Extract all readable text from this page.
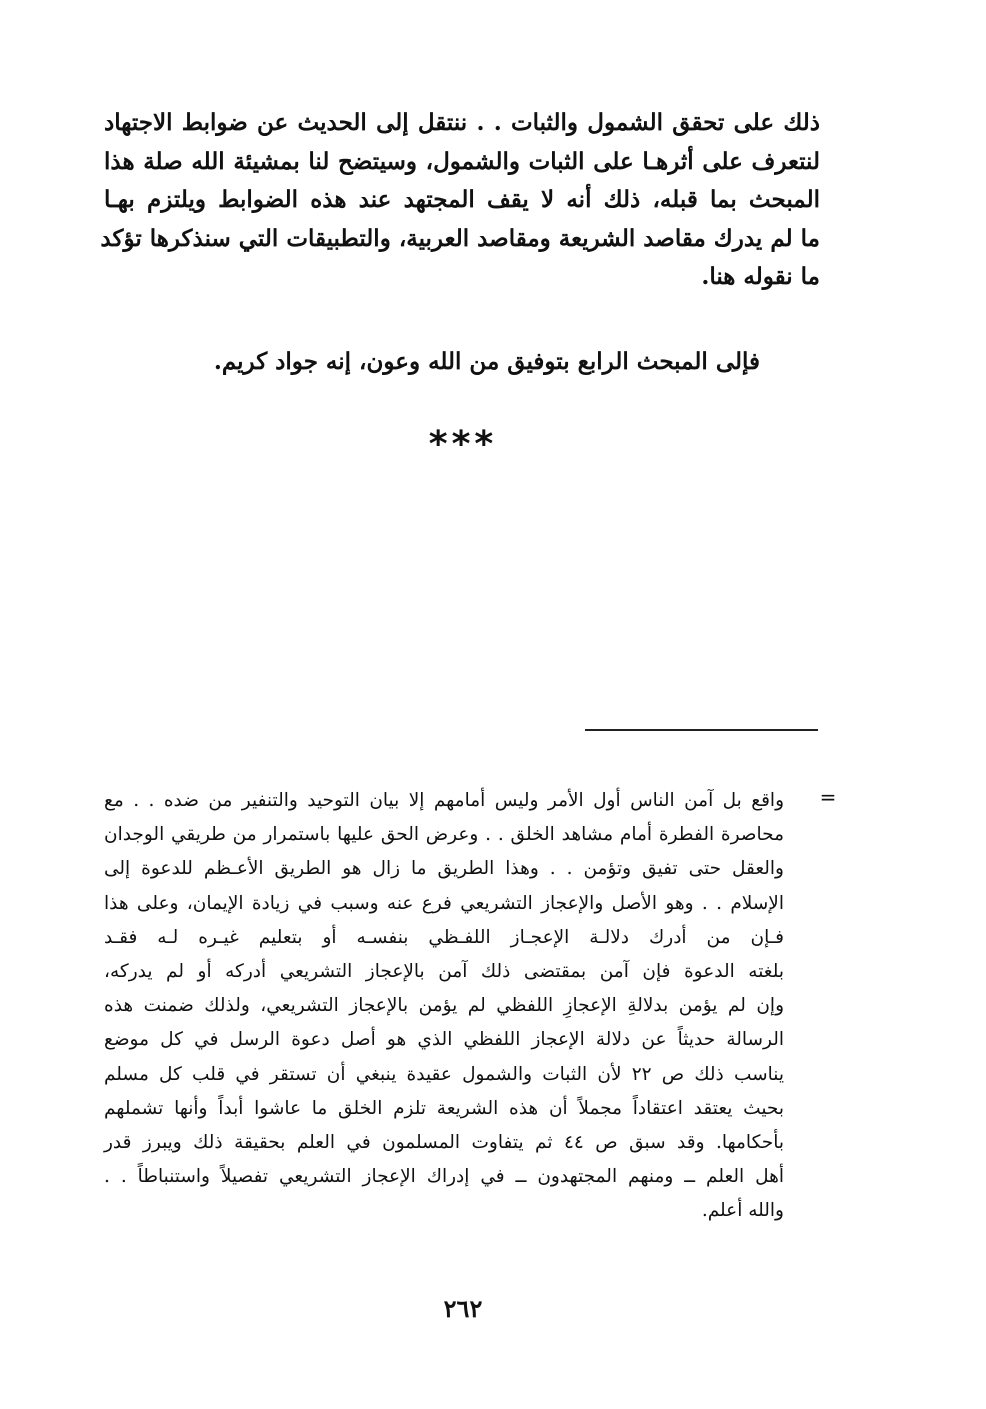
ذلك على تحقق الشمول والثبات . . ننتقل إلى الحديث عن ضوابط الاجتهاد
لنتعرف على أثرهـا على الثبات والشمول، وسيتضح لنا بمشيئة الله صلة هذا
المبحث بما قبله، ذلك أنه لا يقف المجتهد عند هذه الضوابط ويلتزم بهـا
ما لم يدرك مقاصد الشريعة ومقاصد العربية، والتطبيقات التي سنذكرها تؤكد
ما نقوله هنا.
فإلى المبحث الرابع بتوفيق من الله وعون، إنه جواد كريم.
***
=
واقع بل آمن الناس أول الأمر وليس أمامهم إلا بيان التوحيد والتنفير من ضده . . مع
محاصرة الفطرة أمام مشاهد الخلق . . وعرض الحق عليها باستمرار من طريقي الوجدان
والعقل حتى تفيق وتؤمن . . وهذا الطريق ما زال هو الطريق الأعـظم للدعوة إلى
الإسلام . . وهو الأصل والإعجاز التشريعي فرع عنه وسبب في زيادة الإيمان، وعلى هذا
فـإن من أدرك دلالـة الإعجـاز اللفـظي بنفسـه أو بتعليم غيـره لـه فقـد
بلغته الدعوة فإن آمن بمقتضى ذلك آمن بالإعجاز التشريعي أدركه أو لم يدركه،
وإن لم يؤمن بدلالةِ الإعجازِ اللفظي لم يؤمن بالإعجاز التشريعي، ولذلك ضمنت هذه
الرسالة حديثاً عن دلالة الإعجاز اللفظي الذي هو أصل دعوة الرسل في كل موضع
يناسب ذلك ص ٢٢ لأن الثبات والشمول عقيدة ينبغي أن تستقر في قلب كل مسلم
بحيث يعتقد اعتقاداً مجملاً أن هذه الشريعة تلزم الخلق ما عاشوا أبداً وأنها تشملهم
بأحكامها. وقد سبق ص ٤٤ ثم يتفاوت المسلمون في العلم بحقيقة ذلك ويبرز قدر
أهل العلم ــ ومنهم المجتهدون ــ في إدراك الإعجاز التشريعي تفصيلاً واستنباطاً . .
والله أعلم.
٢٦٢
